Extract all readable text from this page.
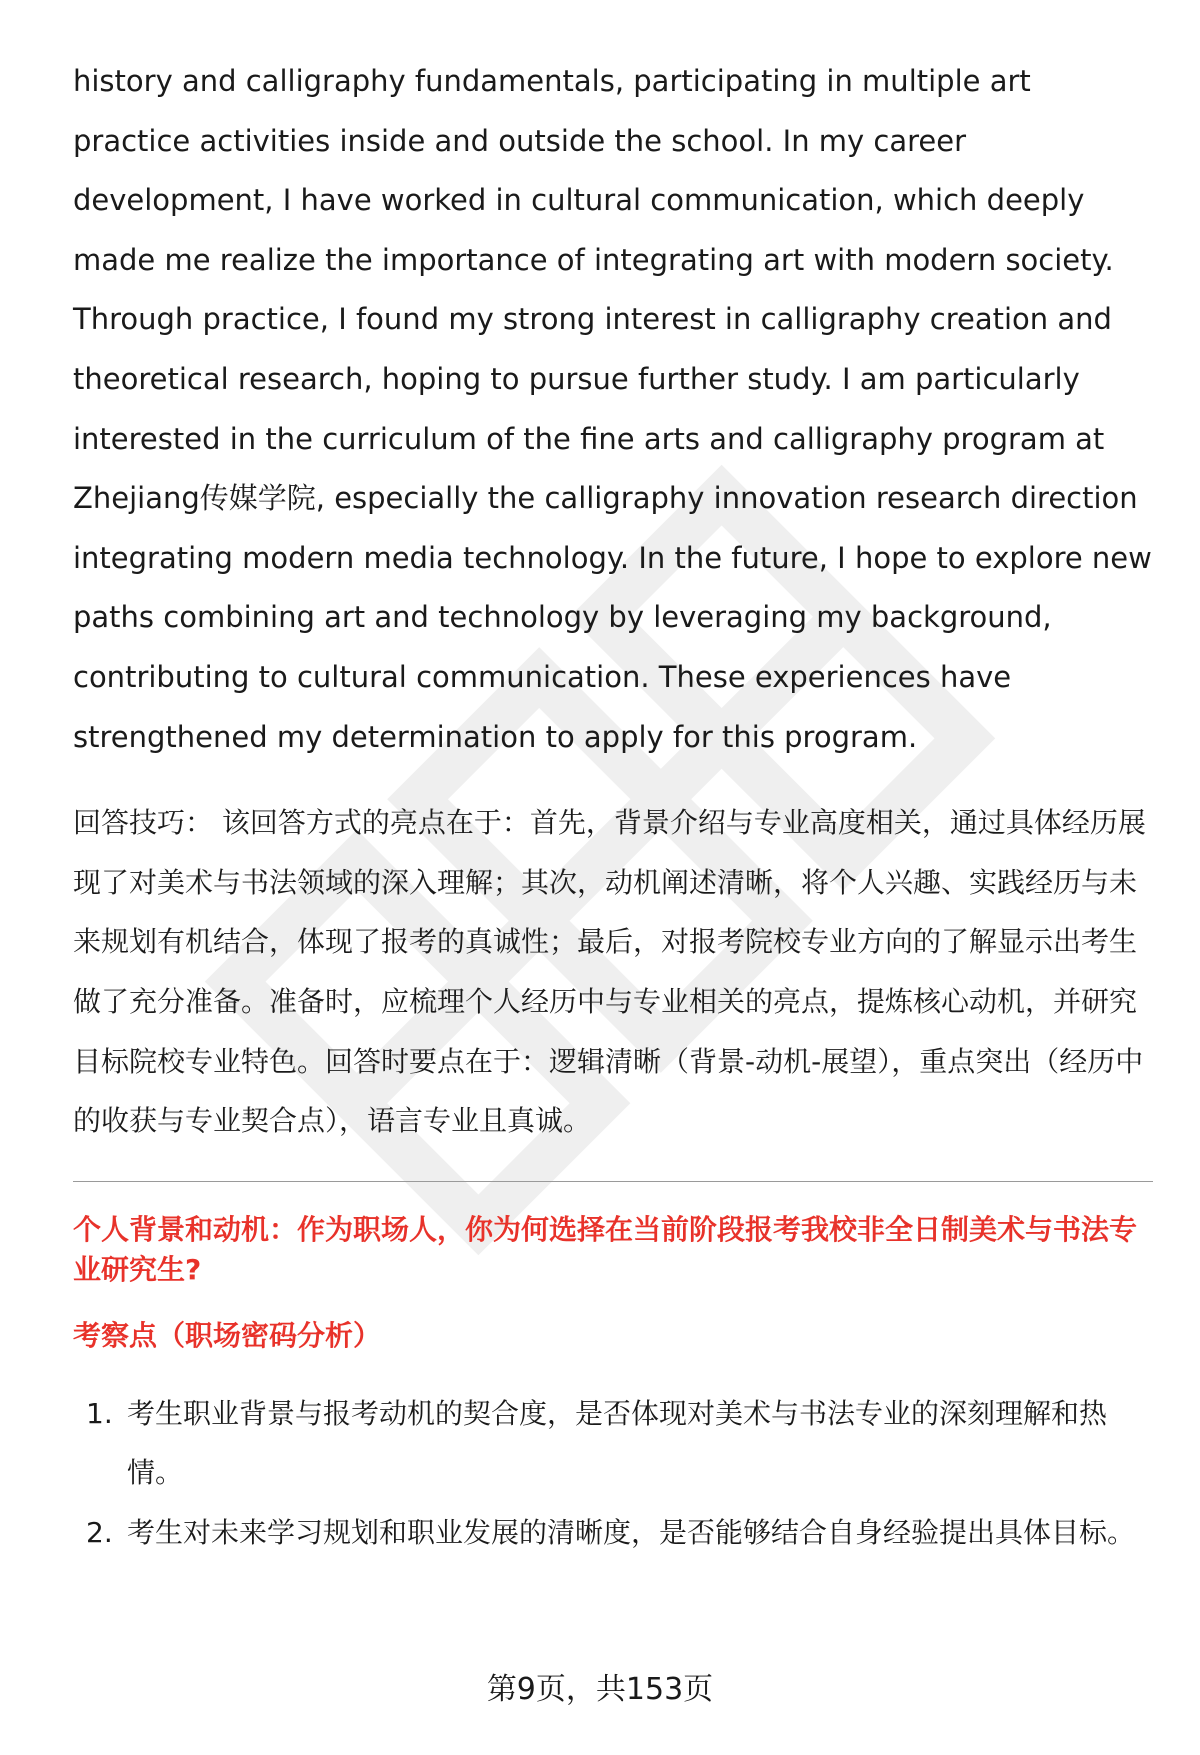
history and calligraphy fundamentals, participating in multiple art practice activities inside and outside the school. In my career development, I have worked in cultural communication, which deeply made me realize the importance of integrating art with modern society. Through practice, I found my strong interest in calligraphy creation and theoretical research, hoping to pursue further study. I am particularly interested in the curriculum of the fine arts and calligraphy program at Zhejiang传媒学院, especially the calligraphy innovation research direction integrating modern media technology. In the future, I hope to explore new paths combining art and technology by leveraging my background, contributing to cultural communication. These experiences have strengthened my determination to apply for this program.

回答技巧： 该回答方式的亮点在于：首先，背景介绍与专业高度相关，通过具体经历展现了对美术与书法领域的深入理解；其次，动机阐述清晰，将个人兴趣、实践经历与未来规划有机结合，体现了报考的真诚性；最后，对报考院校专业方向的了解显示出考生做了充分准备。准备时，应梳理个人经历中与专业相关的亮点，提炼核心动机，并研究目标院校专业特色。回答时要点在于：逻辑清晰（背景-动机-展望），重点突出（经历中的收获与专业契合点），语言专业且真诚。
个人背景和动机：作为职场人，你为何选择在当前阶段报考我校非全日制美术与书法专业研究生?
考察点（职场密码分析）
1. 考生职业背景与报考动机的契合度，是否体现对美术与书法专业的深刻理解和热情。
2. 考生对未来学习规划和职业发展的清晰度，是否能够结合自身经验提出具体目标。
第9页，共153页
